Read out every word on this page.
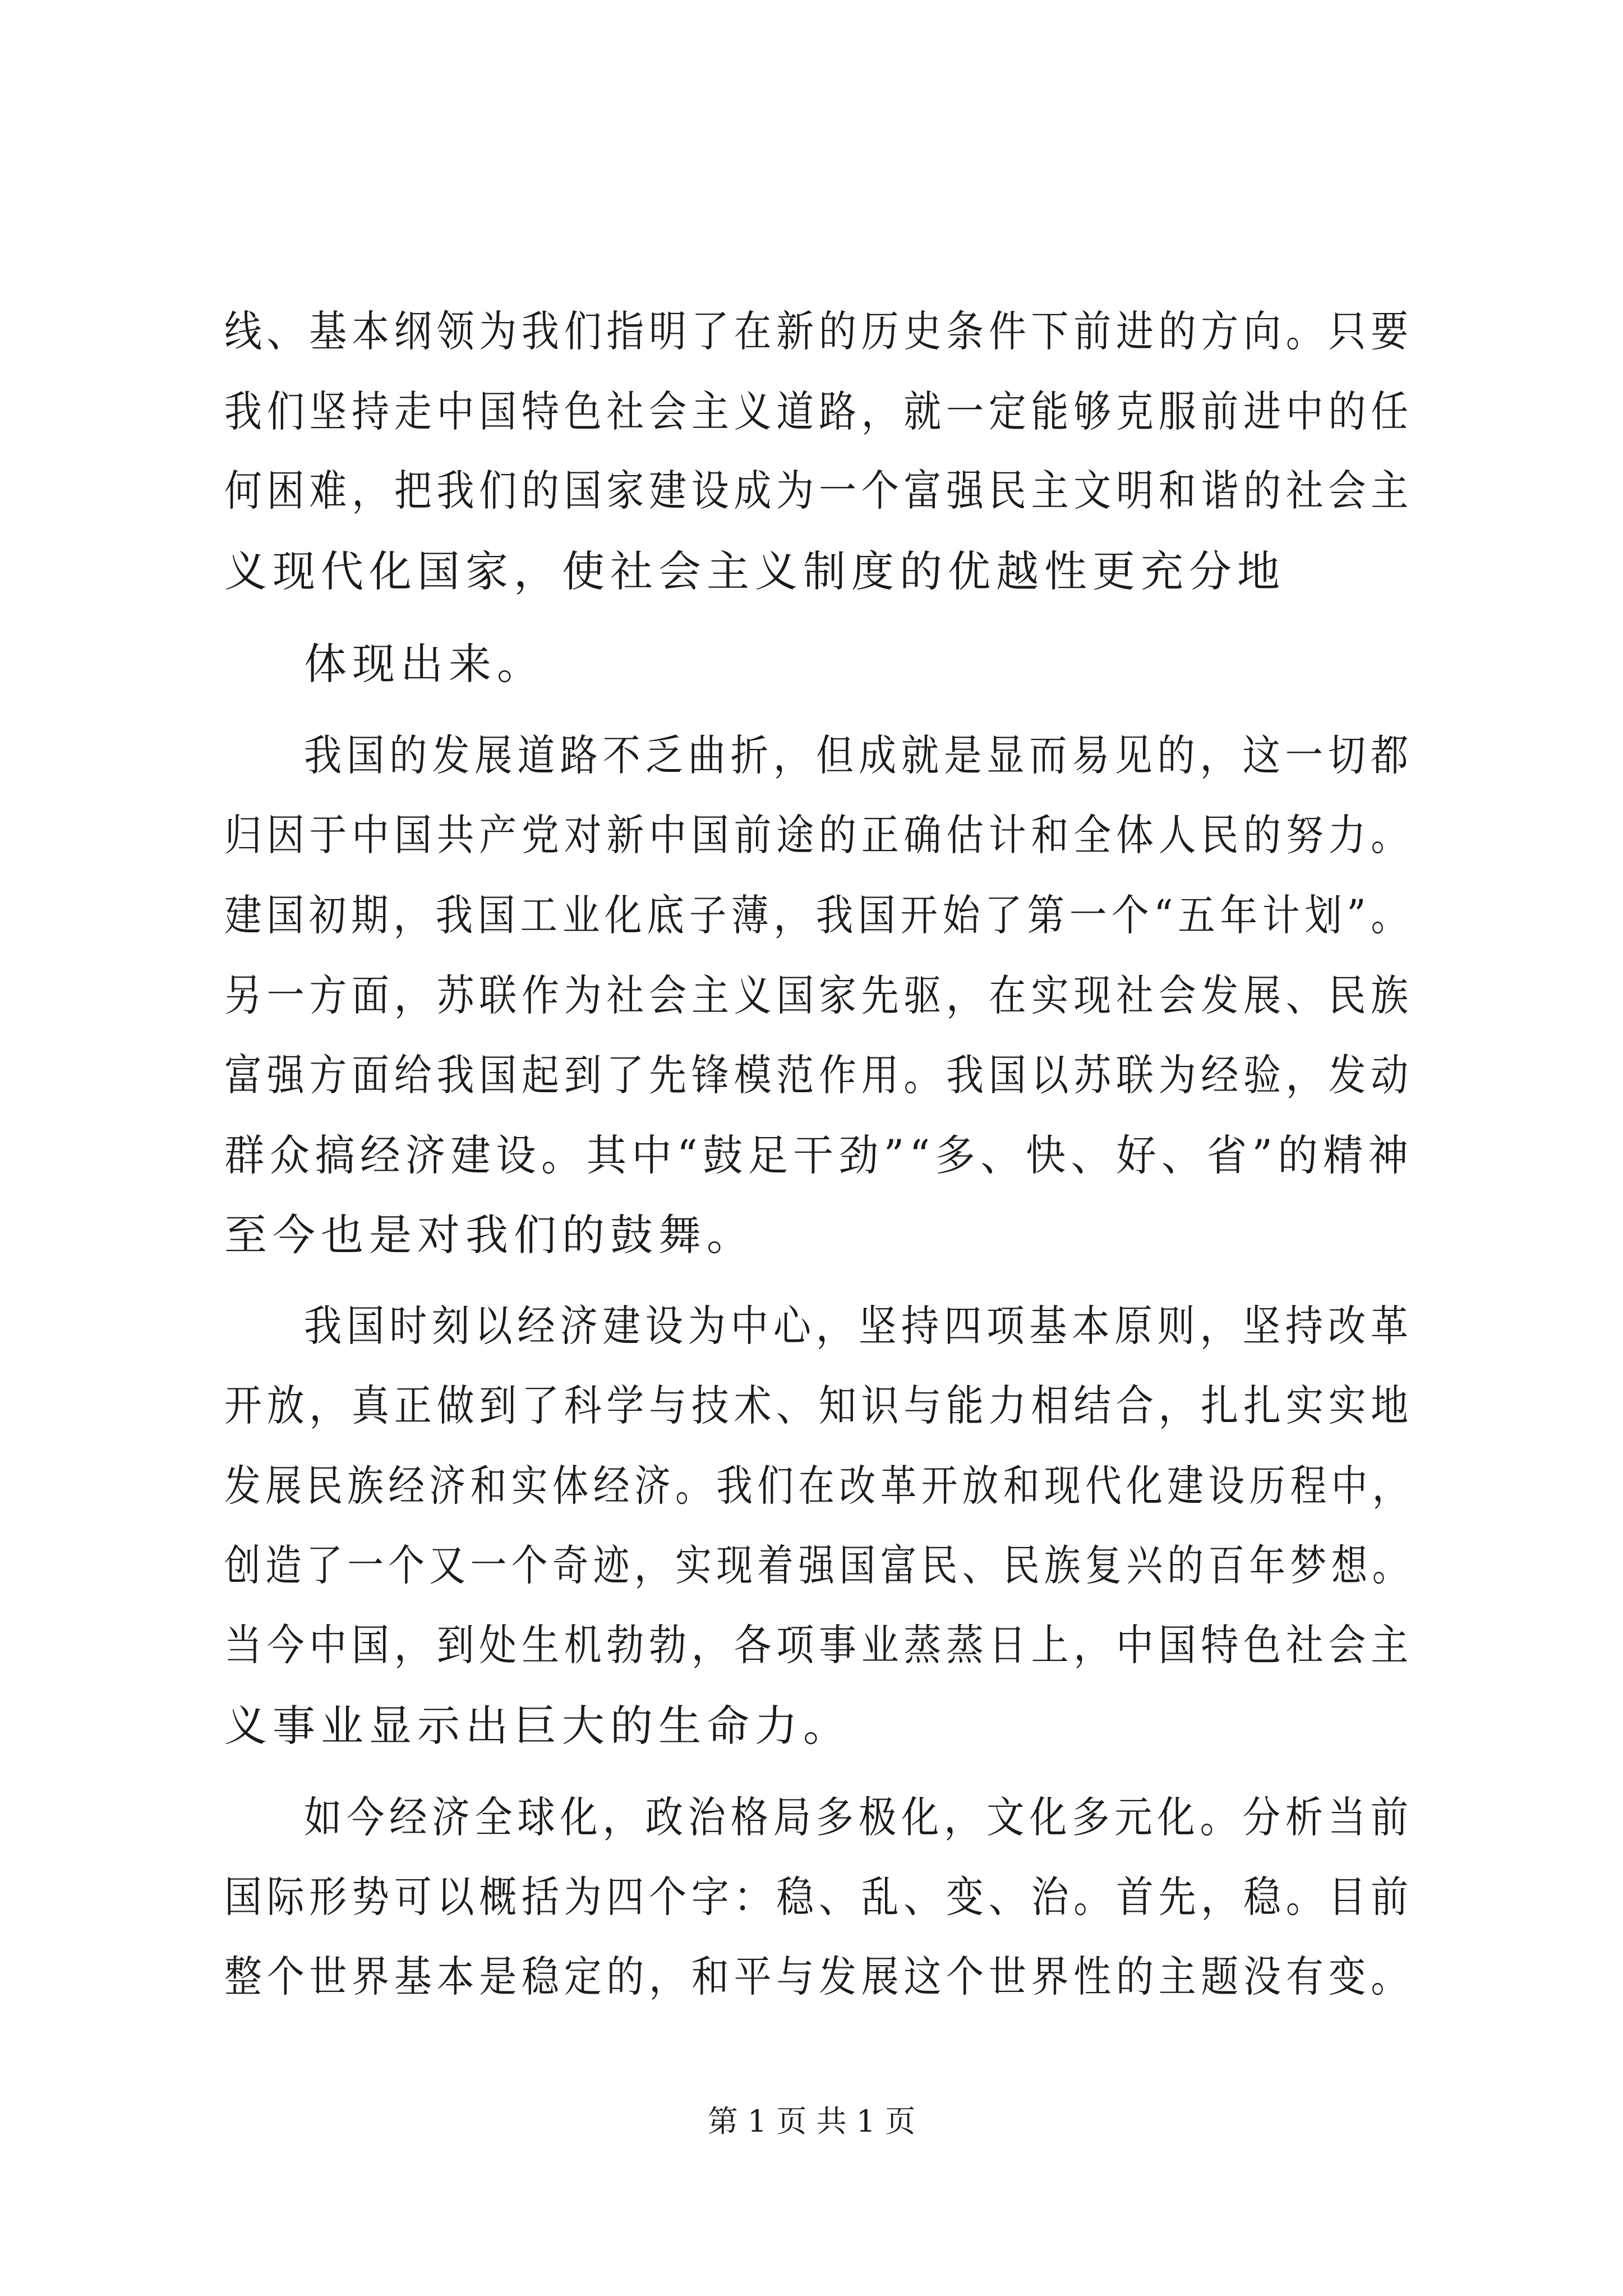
线、基本纲领为我们指明了在新的历史条件下前进的方向。只要
我们坚持走中国特色社会主义道路，就一定能够克服前进中的任
何困难，把我们的国家建设成为一个富强民主文明和谐的社会主
义现代化国家，使社会主义制度的优越性更充分地
体现出来。
我国的发展道路不乏曲折，但成就是显而易见的，这一切都
归因于中国共产党对新中国前途的正确估计和全体人民的努力。
建国初期，我国工业化底子薄，我国开始了第一个“五年计划”。
另一方面，苏联作为社会主义国家先驱，在实现社会发展、民族
富强方面给我国起到了先锋模范作用。我国以苏联为经验，发动
群众搞经济建设。其中“鼓足干劲”“多、快、好、省”的精神
至今也是对我们的鼓舞。
我国时刻以经济建设为中心，坚持四项基本原则，坚持改革
开放，真正做到了科学与技术、知识与能力相结合，扎扎实实地
发展民族经济和实体经济。我们在改革开放和现代化建设历程中，
创造了一个又一个奇迹，实现着强国富民、民族复兴的百年梦想。
当今中国，到处生机勃勃，各项事业蒸蒸日上，中国特色社会主
义事业显示出巨大的生命力。
如今经济全球化，政治格局多极化，文化多元化。分析当前
国际形势可以概括为四个字：稳、乱、变、治。首先，稳。目前
整个世界基本是稳定的，和平与发展这个世界性的主题没有变。
第 1 页 共 1 页
